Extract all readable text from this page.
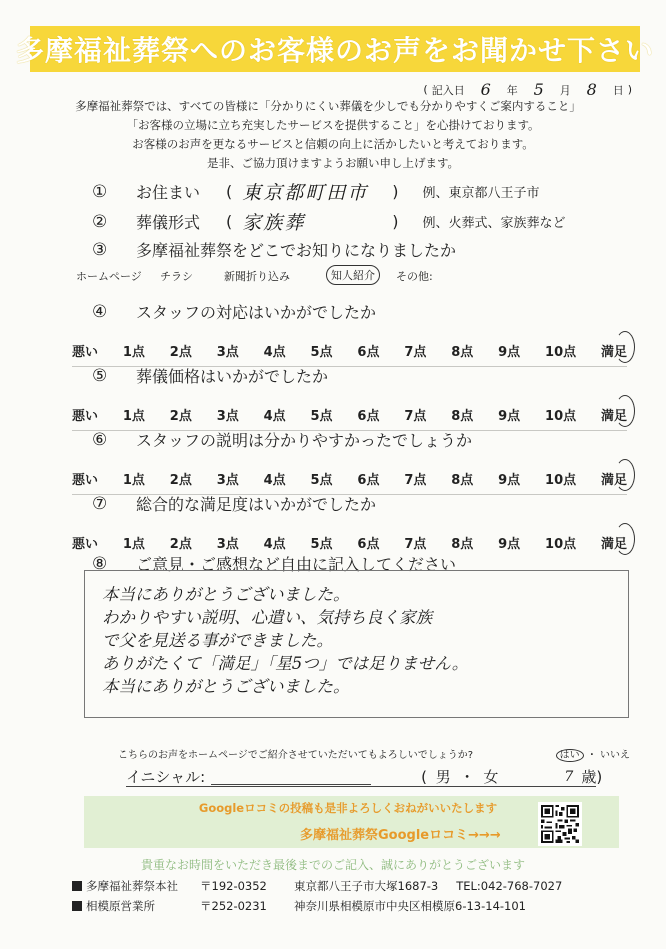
多摩福祉葬祭へのお客様のお声をお聞かせ下さい
( 記入日 6	年 5	月 8	日 )

多摩福祉葬祭では、すべての皆様に「分かりにくい葬儀を少しでも分かりやすくご案内すること」

「お客様の立場に立ち充実したサービスを提供すること」を心掛けております。

お客様のお声を更なるサービスと信頼の向上に活かしたいと考えております。

是非、ご協力頂けますようお願い申し上げます。

①	お住まい ( 東京都町田市	) 例、東京都八王子市
②	葬儀形式 ( 家族葬	) 例、火葬式、家族葬など
③	多摩福祉葬祭をどこでお知りになりましたか
ホームページ	チラシ	新聞折り込み	知人紹介	その他:
④	スタッフの対応はいかがでしたか
悪い 1点 2点 3点 4点 5点 6点 7点 8点 9点 10点 満足
⑤	葬儀価格はいかがでしたか
悪い 1点 2点 3点 4点 5点 6点 7点 8点 9点 10点 満足
⑥	スタッフの説明は分かりやすかったでしょうか
悪い 1点 2点 3点 4点 5点 6点 7点 8点 9点 10点 満足
⑦	総合的な満足度はいかがでしたか
悪い 1点 2点 3点 4点 5点 6点 7点 8点 9点 10点 満足
⑧	ご意見・ご感想など自由に記入してください

本当にありがとうございました。

わかりやすい説明、心遣い、気持ち良く家族

で父を見送る事ができました。

ありがたくて「満足」「星5つ」では足りません。

本当にありがとうございました。

こちらのお声をホームページでご紹介させていただいてもよろしいでしょうか?	はい ・ いいえ
イニシャル:	( 男 ・ 女	7 歳)
Googleロコミの投稿も是非よろしくおねがいいたします
多摩福祉葬祭Googleロコミ→→→
貴重なお時間をいただき最後までのご記入、誠にありがとうございます
多摩福祉葬祭本社	〒192-0352	東京都八王子市大塚1687-3 TEL:042-768-7027
相模原営業所	〒252-0231	神奈川県相模原市中央区相模原6-13-14-101
